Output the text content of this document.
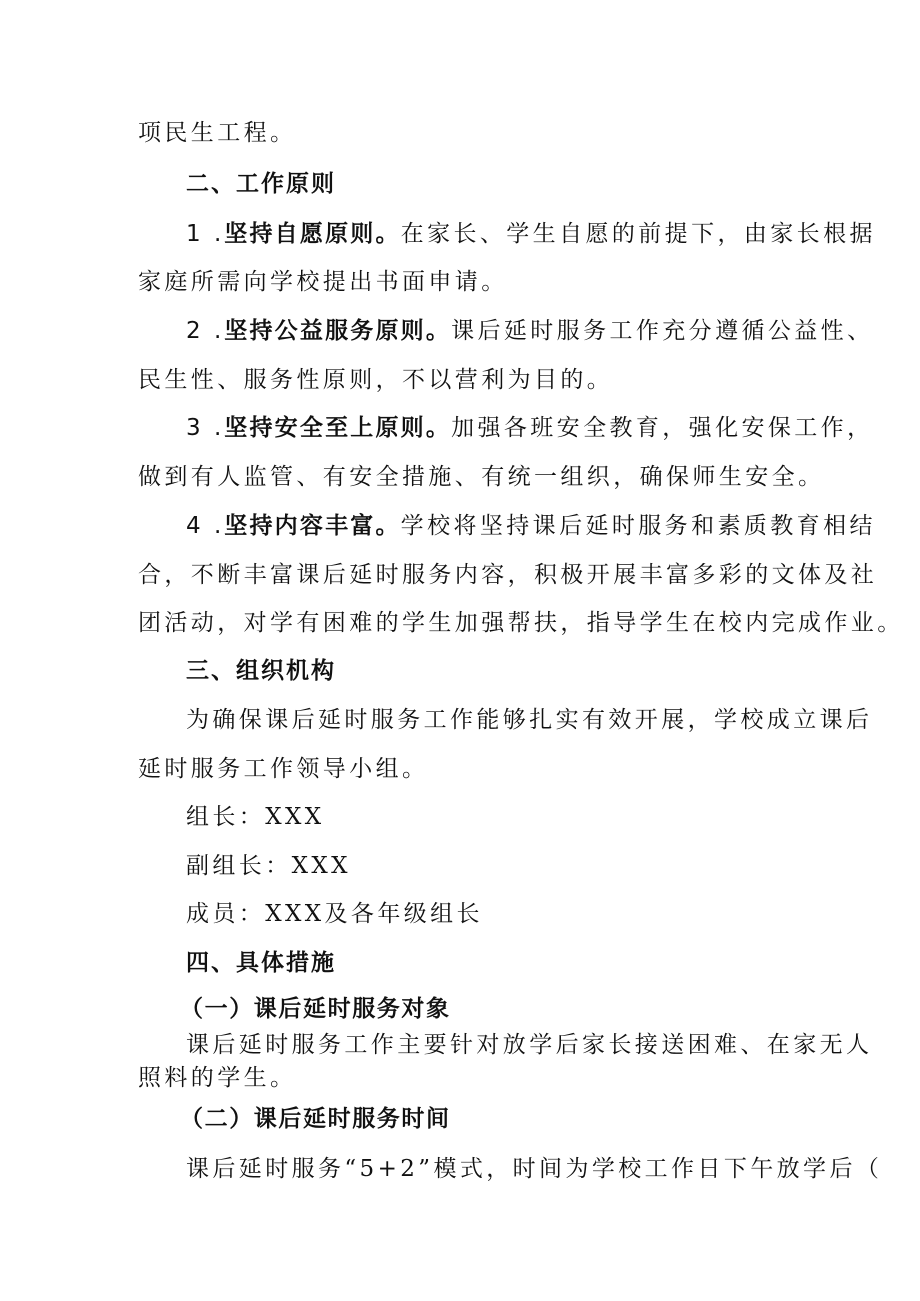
项民生工程。
二、工作原则
1 .坚持自愿原则。在家长、学生自愿的前提下，由家长根据
家庭所需向学校提出书面申请。
2 .坚持公益服务原则。课后延时服务工作充分遵循公益性、
民生性、服务性原则，不以营利为目的。
3 .坚持安全至上原则。加强各班安全教育，强化安保工作，
做到有人监管、有安全措施、有统一组织，确保师生安全。
4 .坚持内容丰富。学校将坚持课后延时服务和素质教育相结
合，不断丰富课后延时服务内容，积极开展丰富多彩的文体及社
团活动，对学有困难的学生加强帮扶，指导学生在校内完成作业。
三、组织机构
为确保课后延时服务工作能够扎实有效开展，学校成立课后
延时服务工作领导小组。
组长：XXX
副组长：XXX
成员：XXX及各年级组长
四、具体措施
（一）课后延时服务对象
课后延时服务工作主要针对放学后家长接送困难、在家无人
照料的学生。
（二）课后延时服务时间
课后延时服务“5+2”模式，时间为学校工作日下午放学后（
